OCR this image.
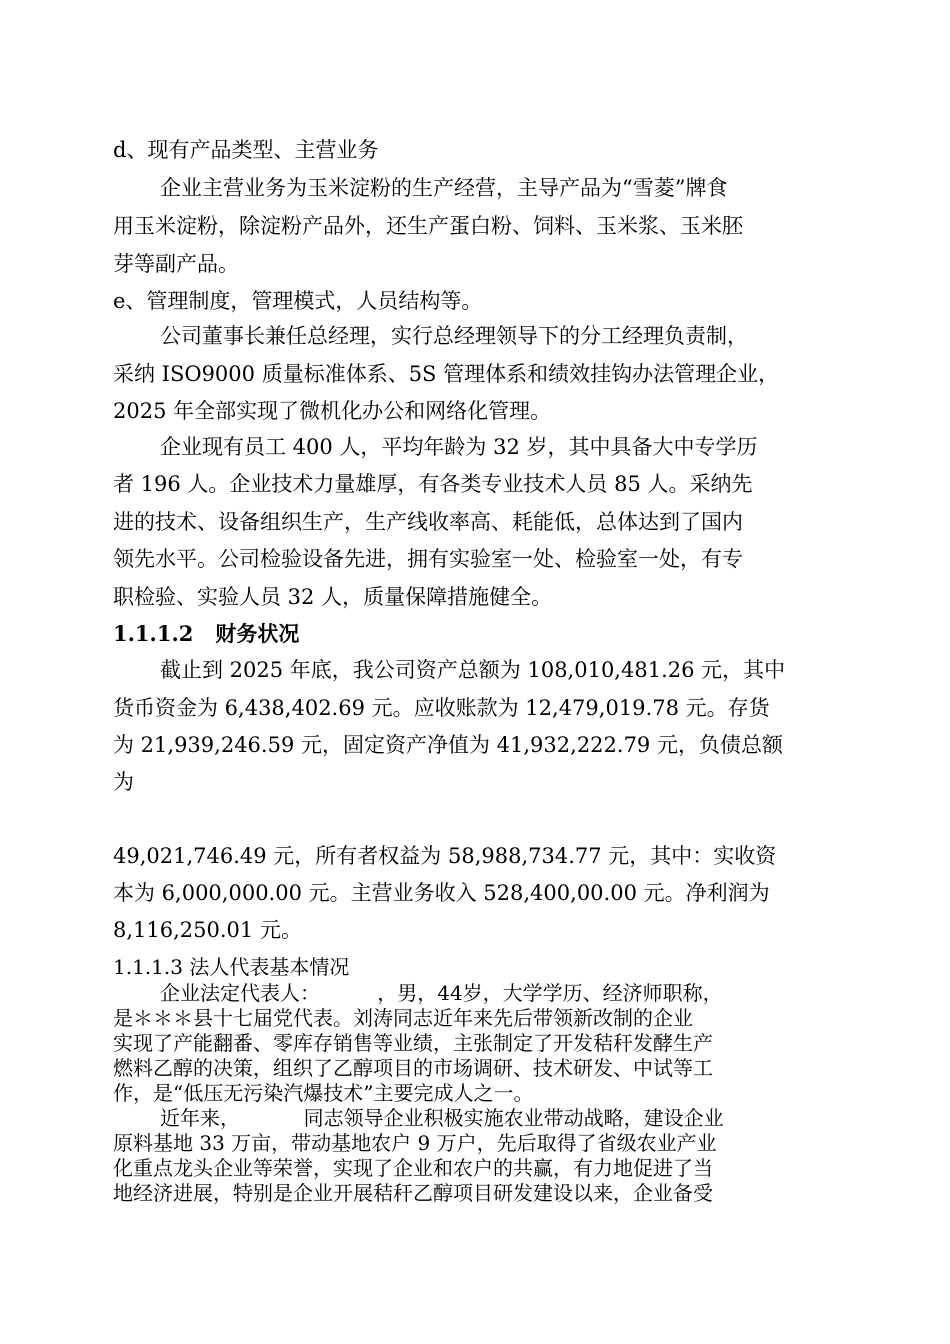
d、现有产品类型、主营业务
企业主营业务为玉米淀粉的生产经营，主导产品为“雪菱”牌食
用玉米淀粉，除淀粉产品外，还生产蛋白粉、饲料、玉米浆、玉米胚
芽等副产品。
e、管理制度，管理模式，人员结构等。
公司董事长兼任总经理，实行总经理领导下的分工经理负责制，
采纳 ISO9000 质量标准体系、5S 管理体系和绩效挂钩办法管理企业，
2025 年全部实现了微机化办公和网络化管理。
企业现有员工 400 人，平均年龄为 32 岁，其中具备大中专学历
者 196 人。企业技术力量雄厚，有各类专业技术人员 85 人。采纳先
进的技术、设备组织生产，生产线收率高、耗能低，总体达到了国内
领先水平。公司检验设备先进，拥有实验室一处、检验室一处，有专
职检验、实验人员 32 人，质量保障措施健全。
1.1.1.2   财务状况
截止到 2025 年底，我公司资产总额为 108,010,481.26 元，其中
货币资金为 6,438,402.69 元。应收账款为 12,479,019.78 元。存货
为 21,939,246.59 元，固定资产净值为 41,932,222.79 元，负债总额
为
49,021,746.49 元，所有者权益为 58,988,734.77 元，其中：实收资
本为 6,000,000.00 元。主营业务收入 528,400,00.00 元。净利润为
8,116,250.01 元。
1.1.1.3 法人代表基本情况
企业法定代表人：         ，男，44岁，大学学历、经济师职称，
是＊＊＊县十七届党代表。刘涛同志近年来先后带领新改制的企业
实现了产能翻番、零库存销售等业绩，主张制定了开发秸秆发酵生产
燃料乙醇的决策，组织了乙醇项目的市场调研、技术研发、中试等工
作，是“低压无污染汽爆技术”主要完成人之一。
近年来，          同志领导企业积极实施农业带动战略，建设企业
原料基地 33 万亩，带动基地农户 9 万户，先后取得了省级农业产业
化重点龙头企业等荣誉，实现了企业和农户的共赢，有力地促进了当
地经济进展，特别是企业开展秸秆乙醇项目研发建设以来，企业备受
